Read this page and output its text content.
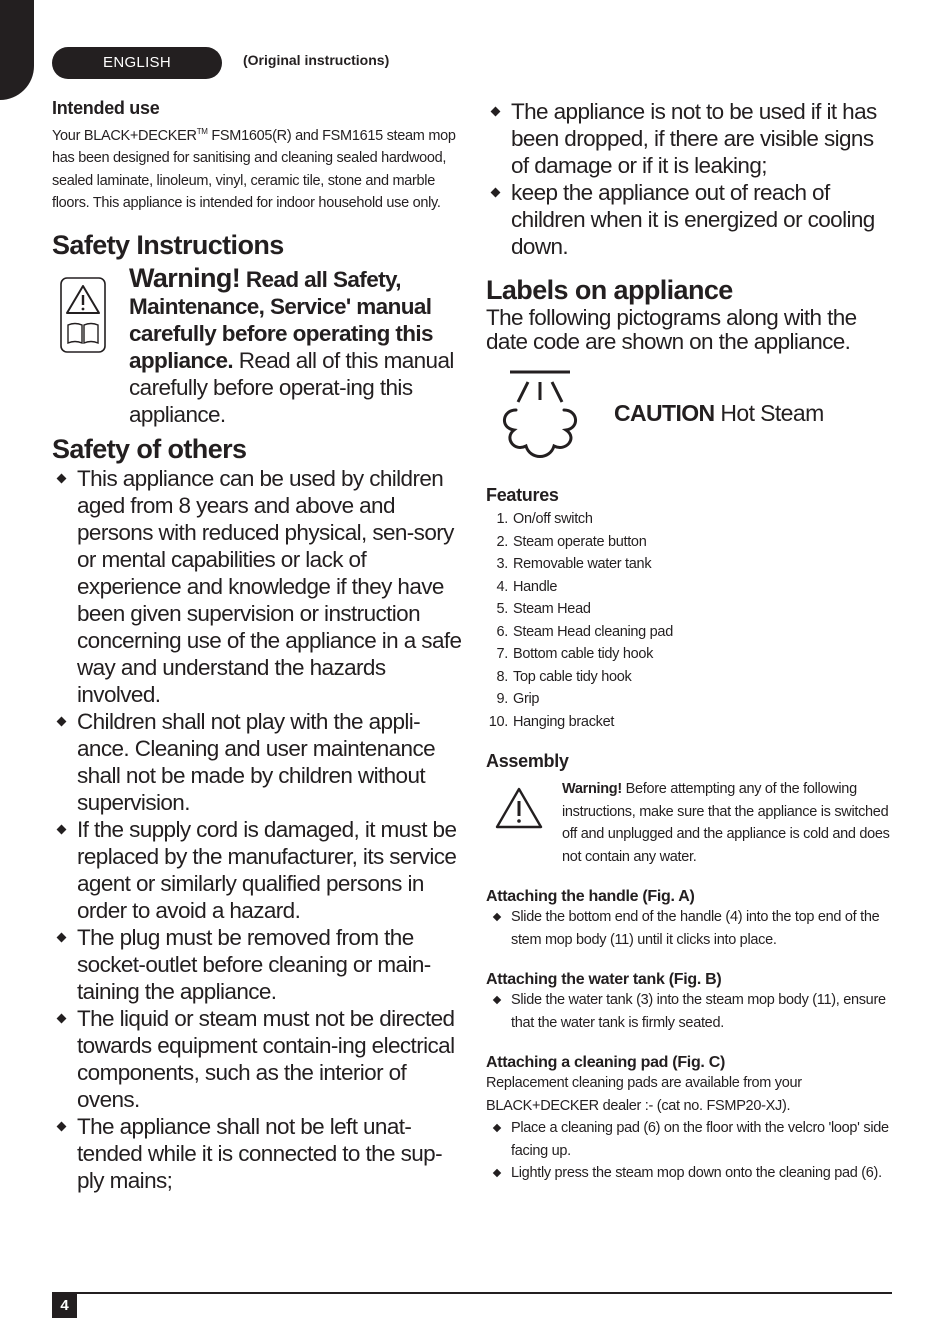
ENGLISH	(Original instructions)
Intended use

Your BLACK+DECKER™ FSM1605(R) and FSM1615 steam mop has been designed for sanitising and cleaning sealed hardwood, sealed laminate, linoleum, vinyl, ceramic tile, stone and marble floors. This appliance is intended for indoor household use only.

Safety Instructions
Warning! Read all Safety, Maintenance, Service' manual carefully before operating this appliance. Read all of this manual carefully before operat-ing this appliance.
Safety of others
This appliance can be used by children aged from 8 years and above and persons with reduced physical, sen-sory or mental capabilities or lack of experience and knowledge if they have been given supervision or instruction concerning use of the appliance in a safe way and understand the hazards involved.
Children shall not play with the appli-ance. Cleaning and user maintenance shall not be made by children without supervision.
If the supply cord is damaged, it must be replaced by the manufacturer, its service agent or similarly qualified persons in order to avoid a hazard.
The plug must be removed from the socket-outlet before cleaning or main-taining the appliance.
The liquid or steam must not be directed towards equipment contain-ing electrical components, such as the interior of ovens.
The appliance shall not be left unat-tended while it is connected to the sup-ply mains;
The appliance is not to be used if it has been dropped, if there are visible signs of damage or if it is leaking;
keep the appliance out of reach of children when it is energized or cooling down.
Labels on appliance

The following pictograms along with the date code are shown on the appliance.

CAUTION Hot Steam
Features
1. On/off switch
2. Steam operate button
3. Removable water tank
4. Handle
5. Steam Head
6. Steam Head cleaning pad
7. Bottom cable tidy hook
8. Top cable tidy hook
9. Grip
10. Hanging bracket
Assembly
Warning! Before attempting any of the following instructions, make sure that the appliance is switched off and unplugged and the appliance is cold and does not contain any water.
Attaching the handle (Fig. A)
Slide the bottom end of the handle (4) into the top end of the stem mop body (11) until it clicks into place.
Attaching the water tank (Fig. B)
Slide the water tank (3) into the steam mop body (11), ensure that the water tank is firmly seated.
Attaching a cleaning pad (Fig. C)

Replacement cleaning pads are available from your BLACK+DECKER dealer :- (cat no. FSMP20-XJ).

Place a cleaning pad (6) on the floor with the velcro 'loop' side facing up.
Lightly press the steam mop down onto the cleaning pad (6).
4
